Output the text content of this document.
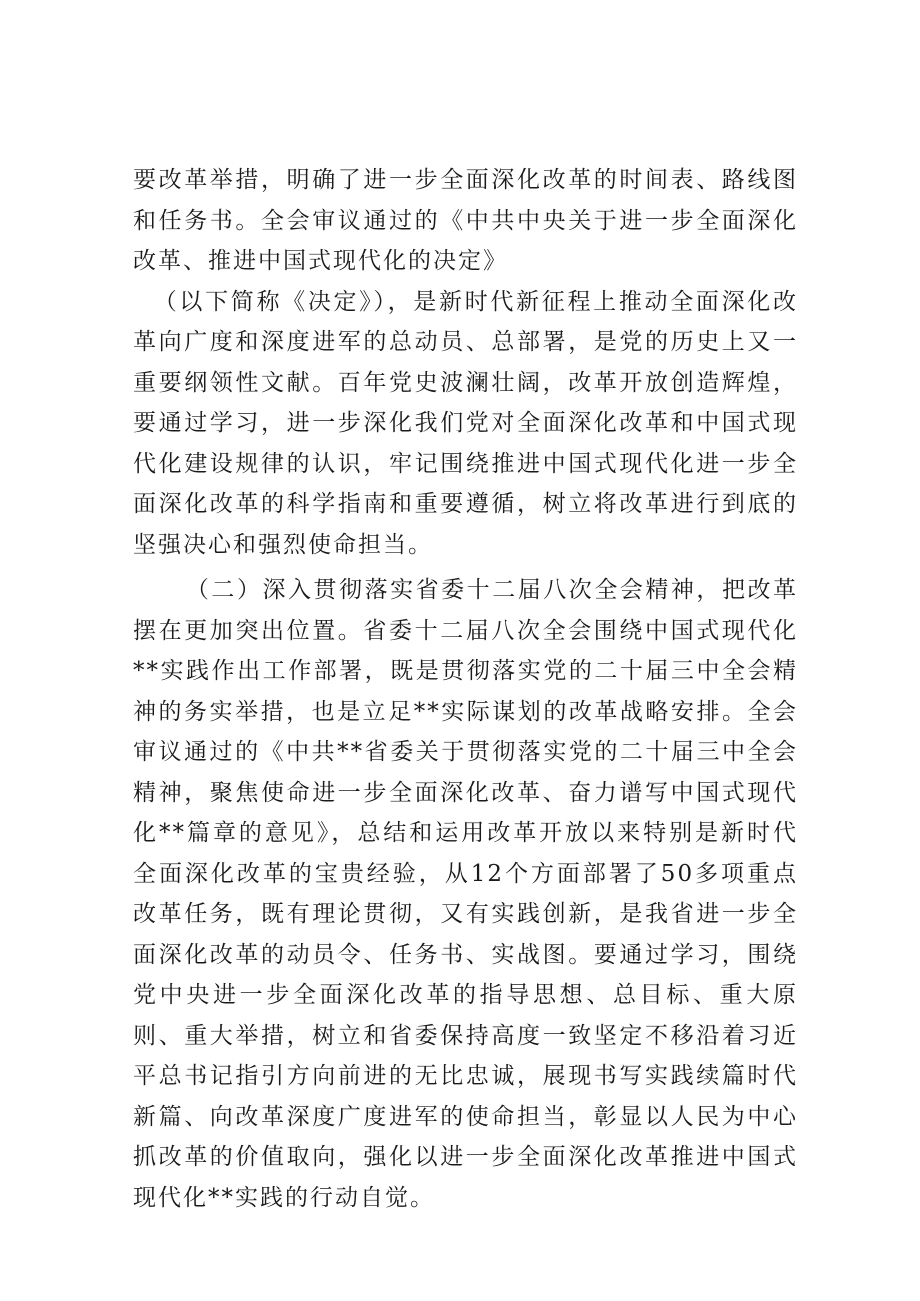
要改革举措，明确了进一步全面深化改革的时间表、路线图和任务书。全会审议通过的《中共中央关于进一步全面深化改革、推进中国式现代化的决定》

（以下简称《决定》），是新时代新征程上推动全面深化改革向广度和深度进军的总动员、总部署，是党的历史上又一重要纲领性文献。百年党史波澜壮阔，改革开放创造辉煌，要通过学习，进一步深化我们党对全面深化改革和中国式现代化建设规律的认识，牢记围绕推进中国式现代化进一步全面深化改革的科学指南和重要遵循，树立将改革进行到底的坚强决心和强烈使命担当。

（二）深入贯彻落实省委十二届八次全会精神，把改革摆在更加突出位置。省委十二届八次全会围绕中国式现代化**实践作出工作部署，既是贯彻落实党的二十届三中全会精神的务实举措，也是立足**实际谋划的改革战略安排。全会审议通过的《中共**省委关于贯彻落实党的二十届三中全会精神，聚焦使命进一步全面深化改革、奋力谱写中国式现代化**篇章的意见》，总结和运用改革开放以来特别是新时代全面深化改革的宝贵经验，从12个方面部署了50多项重点改革任务，既有理论贯彻，又有实践创新，是我省进一步全面深化改革的动员令、任务书、实战图。要通过学习，围绕党中央进一步全面深化改革的指导思想、总目标、重大原则、重大举措，树立和省委保持高度一致坚定不移沿着习近平总书记指引方向前进的无比忠诚，展现书写实践续篇时代新篇、向改革深度广度进军的使命担当，彰显以人民为中心抓改革的价值取向，强化以进一步全面深化改革推进中国式现代化**实践的行动自觉。
